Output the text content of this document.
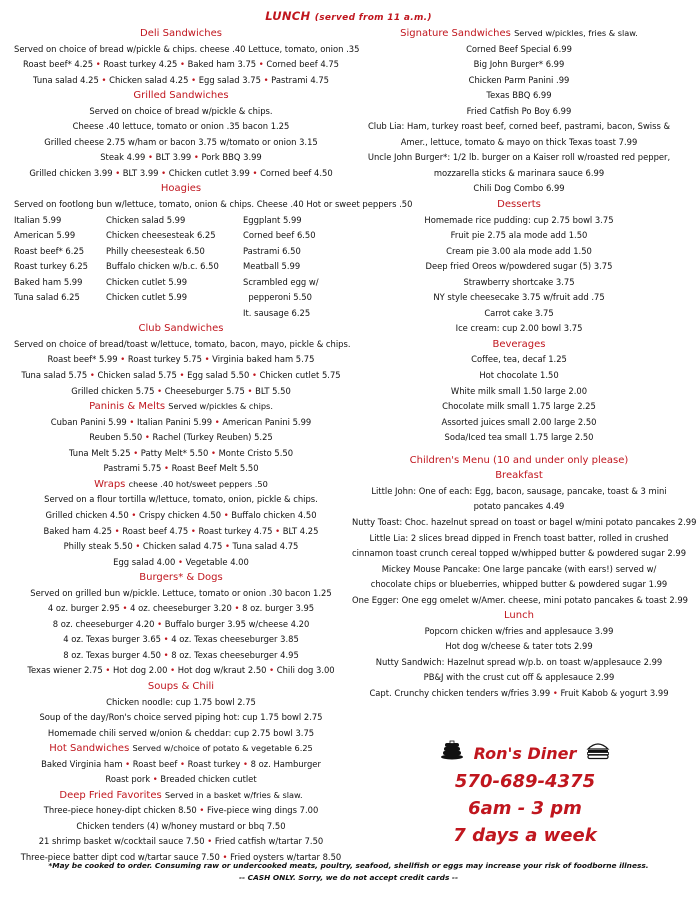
LUNCH (served from 11 a.m.)
Deli Sandwiches
Served on choice of bread w/pickle & chips. cheese .40 Lettuce, tomato, onion .35
Roast beef* 4.25 • Roast turkey 4.25 • Baked ham 3.75 • Corned beef 4.75
Tuna salad 4.25 • Chicken salad 4.25 • Egg salad 3.75 • Pastrami 4.75
Grilled Sandwiches
Served on choice of bread w/pickle & chips.
Cheese .40 lettuce, tomato or onion .35 bacon 1.25
Grilled cheese 2.75 w/ham or bacon 3.75 w/tomato or onion 3.15
Steak 4.99 • BLT 3.99 • Pork BBQ 3.99
Grilled chicken 3.99 • BLT 3.99 • Chicken cutlet 3.99 • Corned beef 4.50
Hoagies
Served on footlong bun w/lettuce, tomato, onion & chips. Cheese .40 Hot or sweet peppers .50
Italian 5.99
American 5.99
Roast beef* 6.25
Roast turkey 6.25
Baked ham 5.99
Tuna salad 6.25
Chicken salad 5.99
Chicken cheesesteak 6.25
Philly cheesesteak 6.50
Buffalo chicken w/b.c. 6.50
Chicken cutlet 5.99
Chicken cutlet 5.99
Eggplant 5.99
Corned beef 6.50
Pastrami 6.50
Meatball 5.99
Scrambled egg w/
pepperoni 5.50
It. sausage 6.25
Club Sandwiches
Served on choice of bread/toast w/lettuce, tomato, bacon, mayo, pickle & chips.
Roast beef* 5.99 • Roast turkey 5.75 • Virginia baked ham 5.75
Tuna salad 5.75 • Chicken salad 5.75 • Egg salad 5.50 • Chicken cutlet 5.75
Grilled chicken 5.75 • Cheeseburger 5.75 • BLT 5.50
Paninis & Melts Served w/pickles & chips.
Cuban Panini 5.99 • Italian Panini 5.99 • American Panini 5.99
Reuben 5.50 • Rachel (Turkey Reuben) 5.25
Tuna Melt 5.25 • Patty Melt* 5.50 • Monte Cristo 5.50
Pastrami 5.75 • Roast Beef Melt 5.50
Wraps cheese .40 hot/sweet peppers .50
Served on a flour tortilla w/lettuce, tomato, onion, pickle & chips.
Grilled chicken 4.50 • Crispy chicken 4.50 • Buffalo chicken 4.50
Baked ham 4.25 • Roast beef 4.75 • Roast turkey 4.75 • BLT 4.25
Philly steak 5.50 • Chicken salad 4.75 • Tuna salad 4.75
Egg salad 4.00 • Vegetable 4.00
Burgers* & Dogs
Served on grilled bun w/pickle. Lettuce, tomato or onion .30 bacon 1.25
4 oz. burger 2.95 • 4 oz. cheeseburger 3.20 • 8 oz. burger 3.95
8 oz. cheeseburger 4.20 • Buffalo burger 3.95 w/cheese 4.20
4 oz. Texas burger 3.65 • 4 oz. Texas cheeseburger 3.85
8 oz. Texas burger 4.50 • 8 oz. Texas cheeseburger 4.95
Texas wiener 2.75 • Hot dog 2.00 • Hot dog w/kraut 2.50 • Chili dog 3.00
Soups & Chili
Chicken noodle: cup 1.75 bowl 2.75
Soup of the day/Ron's choice served piping hot: cup 1.75 bowl 2.75
Homemade chili served w/onion & cheddar: cup 2.75 bowl 3.75
Hot Sandwiches Served w/choice of potato & vegetable 6.25
Baked Virginia ham • Roast beef • Roast turkey • 8 oz. Hamburger
Roast pork • Breaded chicken cutlet
Deep Fried Favorites Served in a basket w/fries & slaw.
Three-piece honey-dipt chicken 8.50 • Five-piece wing dings 7.00
Chicken tenders (4) w/honey mustard or bbq 7.50
21 shrimp basket w/cocktail sauce 7.50 • Fried catfish w/tartar 7.50
Three-piece batter dipt cod w/tartar sauce 7.50 • Fried oysters w/tartar 8.50
Signature Sandwiches Served w/pickles, fries & slaw.
Corned Beef Special 6.99
Big John Burger* 6.99
Chicken Parm Panini .99
Texas BBQ 6.99
Fried Catfish Po Boy 6.99
Club Lia: Ham, turkey roast beef, corned beef, pastrami, bacon, Swiss &
Amer., lettuce, tomato & mayo on thick Texas toast 7.99
Uncle John Burger*: 1/2 lb. burger on a Kaiser roll w/roasted red pepper,
mozzarella sticks & marinara sauce 6.99
Chili Dog Combo 6.99
Desserts
Homemade rice pudding: cup 2.75 bowl 3.75
Fruit pie 2.75 ala mode add 1.50
Cream pie 3.00 ala mode add 1.50
Deep fried Oreos w/powdered sugar (5) 3.75
Strawberry shortcake 3.75
NY style cheesecake 3.75 w/fruit add .75
Carrot cake 3.75
Ice cream: cup 2.00 bowl 3.75
Beverages
Coffee, tea, decaf 1.25
Hot chocolate 1.50
White milk small 1.50 large 2.00
Chocolate milk small 1.75 large 2.25
Assorted juices small 2.00 large 2.50
Soda/Iced tea small 1.75 large 2.50
Children's Menu (10 and under only please)
Breakfast
Little John: One of each: Egg, bacon, sausage, pancake, toast & 3 mini
potato pancakes 4.49
Nutty Toast: Choc. hazelnut spread on toast or bagel w/mini potato pancakes 2.99
Little Lia: 2 slices bread dipped in French toast batter, rolled in crushed
cinnamon toast crunch cereal topped w/whipped butter & powdered sugar 2.99
Mickey Mouse Pancake: One large pancake (with ears!) served w/
chocolate chips or blueberries, whipped butter & powdered sugar 1.99
One Egger: One egg omelet w/Amer. cheese, mini potato pancakes & toast 2.99
Lunch
Popcorn chicken w/fries and applesauce 3.99
Hot dog w/cheese & tater tots 2.99
Nutty Sandwich: Hazelnut spread w/p.b. on toast w/applesauce 2.99
PB&J with the crust cut off & applesauce 2.99
Capt. Crunchy chicken tenders w/fries 3.99 • Fruit Kabob & yogurt 3.99
Ron's Diner
570-689-4375
6am - 3 pm
7 days a week
*May be cooked to order. Consuming raw or undercooked meats, poultry, seafood, shellfish or eggs may increase your risk of foodborne illness.
-- CASH ONLY. Sorry, we do not accept credit cards --
